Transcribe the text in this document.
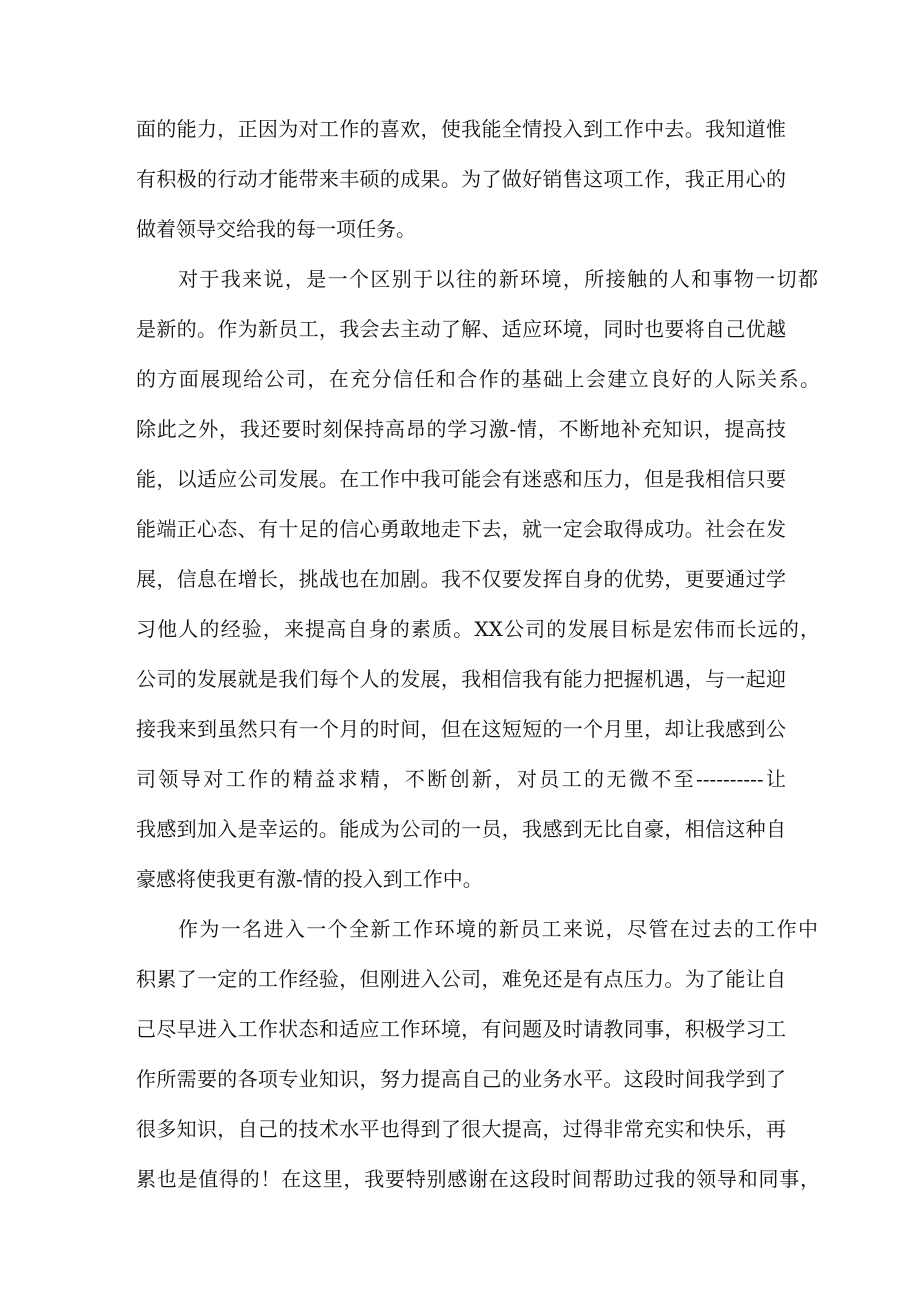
面的能力，正因为对工作的喜欢，使我能全情投入到工作中去。我知道惟
有积极的行动才能带来丰硕的成果。为了做好销售这项工作，我正用心的
做着领导交给我的每一项任务。
对于我来说，是一个区别于以往的新环境，所接触的人和事物一切都
是新的。作为新员工，我会去主动了解、适应环境，同时也要将自己优越
的方面展现给公司，在充分信任和合作的基础上会建立良好的人际关系。
除此之外，我还要时刻保持高昂的学习激-情，不断地补充知识，提高技
能，以适应公司发展。在工作中我可能会有迷惑和压力，但是我相信只要
能端正心态、有十足的信心勇敢地走下去，就一定会取得成功。社会在发
展，信息在增长，挑战也在加剧。我不仅要发挥自身的优势，更要通过学
习他人的经验，来提高自身的素质。XX公司的发展目标是宏伟而长远的，
公司的发展就是我们每个人的发展，我相信我有能力把握机遇，与一起迎
接我来到虽然只有一个月的时间，但在这短短的一个月里，却让我感到公
司领导对工作的精益求精，不断创新，对员工的无微不至----------让
我感到加入是幸运的。能成为公司的一员，我感到无比自豪，相信这种自
豪感将使我更有激-情的投入到工作中。
作为一名进入一个全新工作环境的新员工来说，尽管在过去的工作中
积累了一定的工作经验，但刚进入公司，难免还是有点压力。为了能让自
己尽早进入工作状态和适应工作环境，有问题及时请教同事，积极学习工
作所需要的各项专业知识，努力提高自己的业务水平。这段时间我学到了
很多知识，自己的技术水平也得到了很大提高，过得非常充实和快乐，再
累也是值得的！在这里，我要特别感谢在这段时间帮助过我的领导和同事，
